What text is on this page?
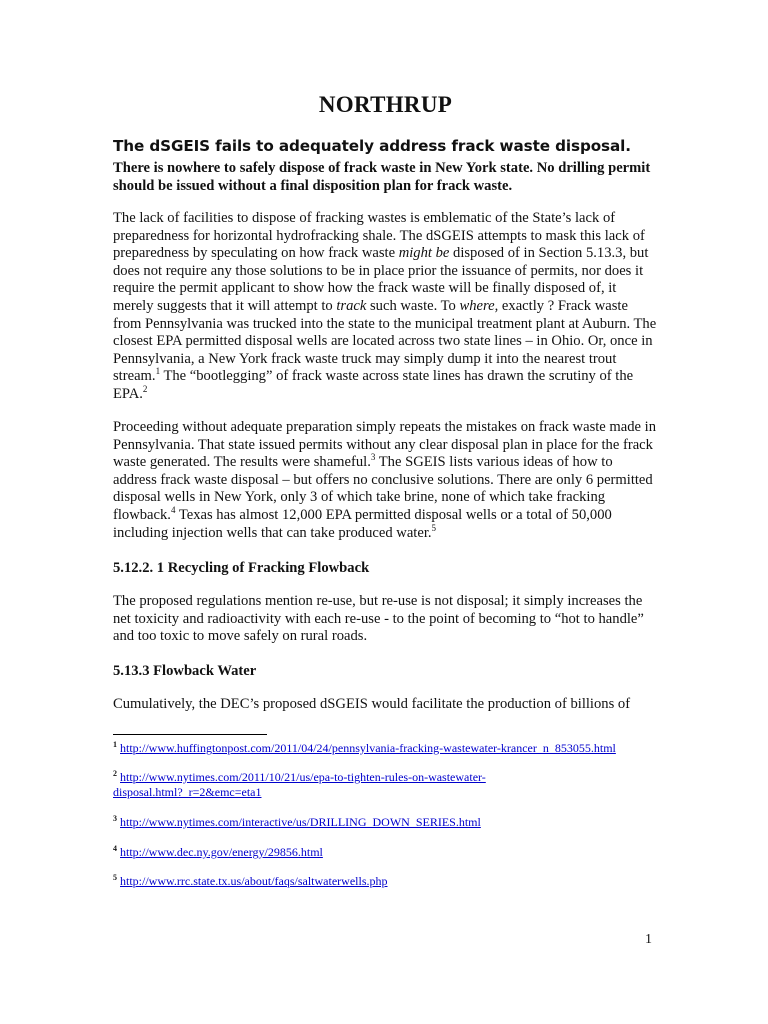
NORTHRUP

The dSGEIS fails to adequately address frack waste disposal.

There is nowhere to safely dispose of frack waste in New York state. No drilling permit should be issued without a final disposition plan for frack waste.

The lack of facilities to dispose of fracking wastes is emblematic of the State’s lack of preparedness for horizontal hydrofracking shale. The dSGEIS attempts to mask this lack of preparedness by speculating on how frack waste might be disposed of in Section 5.13.3, but does not require any those solutions to be in place prior the issuance of permits, nor does it require the permit applicant to show how the frack waste will be finally disposed of, it merely suggests that it will attempt to track such waste. To where, exactly ? Frack waste from Pennsylvania was trucked into the state to the municipal treatment plant at Auburn. The closest EPA permitted disposal wells are located across two state lines – in Ohio. Or, once in Pennsylvania, a New York frack waste truck may simply dump it into the nearest trout stream.$^1$ The “bootlegging” of frack waste across state lines has drawn the scrutiny of the EPA.$^2$

Proceeding without adequate preparation simply repeats the mistakes on frack waste made in Pennsylvania. That state issued permits without any clear disposal plan in place for the frack waste generated. The results were shameful.$^3$ The SGEIS lists various ideas of how to address frack waste disposal – but offers no conclusive solutions. There are only 6 permitted disposal wells in New York, only 3 of which take brine, none of which take fracking flowback.$^4$ Texas has almost 12,000 EPA permitted disposal wells or a total of 50,000 including injection wells that can take produced water.$^5$

5.12.2. 1 Recycling of Fracking Flowback

The proposed regulations mention re-use, but re-use is not disposal; it simply increases the net toxicity and radioactivity with each re-use - to the point of becoming to “hot to handle” and too toxic to move safely on rural roads.

5.13.3 Flowback Water

Cumulatively, the DEC’s proposed dSGEIS would facilitate the production of billions of

$^1$ http://www.huffingtonpost.com/2011/04/24/pennsylvania-fracking-wastewater-krancer_n_853055.html

$^2$ http://www.nytimes.com/2011/10/21/us/epa-to-tighten-rules-on-wastewater-
disposal.html?_r=2&emc=eta1

$^3$ http://www.nytimes.com/interactive/us/DRILLING_DOWN_SERIES.html

$^4$ http://www.dec.ny.gov/energy/29856.html

$^5$ http://www.rrc.state.tx.us/about/faqs/saltwaterwells.php

1
